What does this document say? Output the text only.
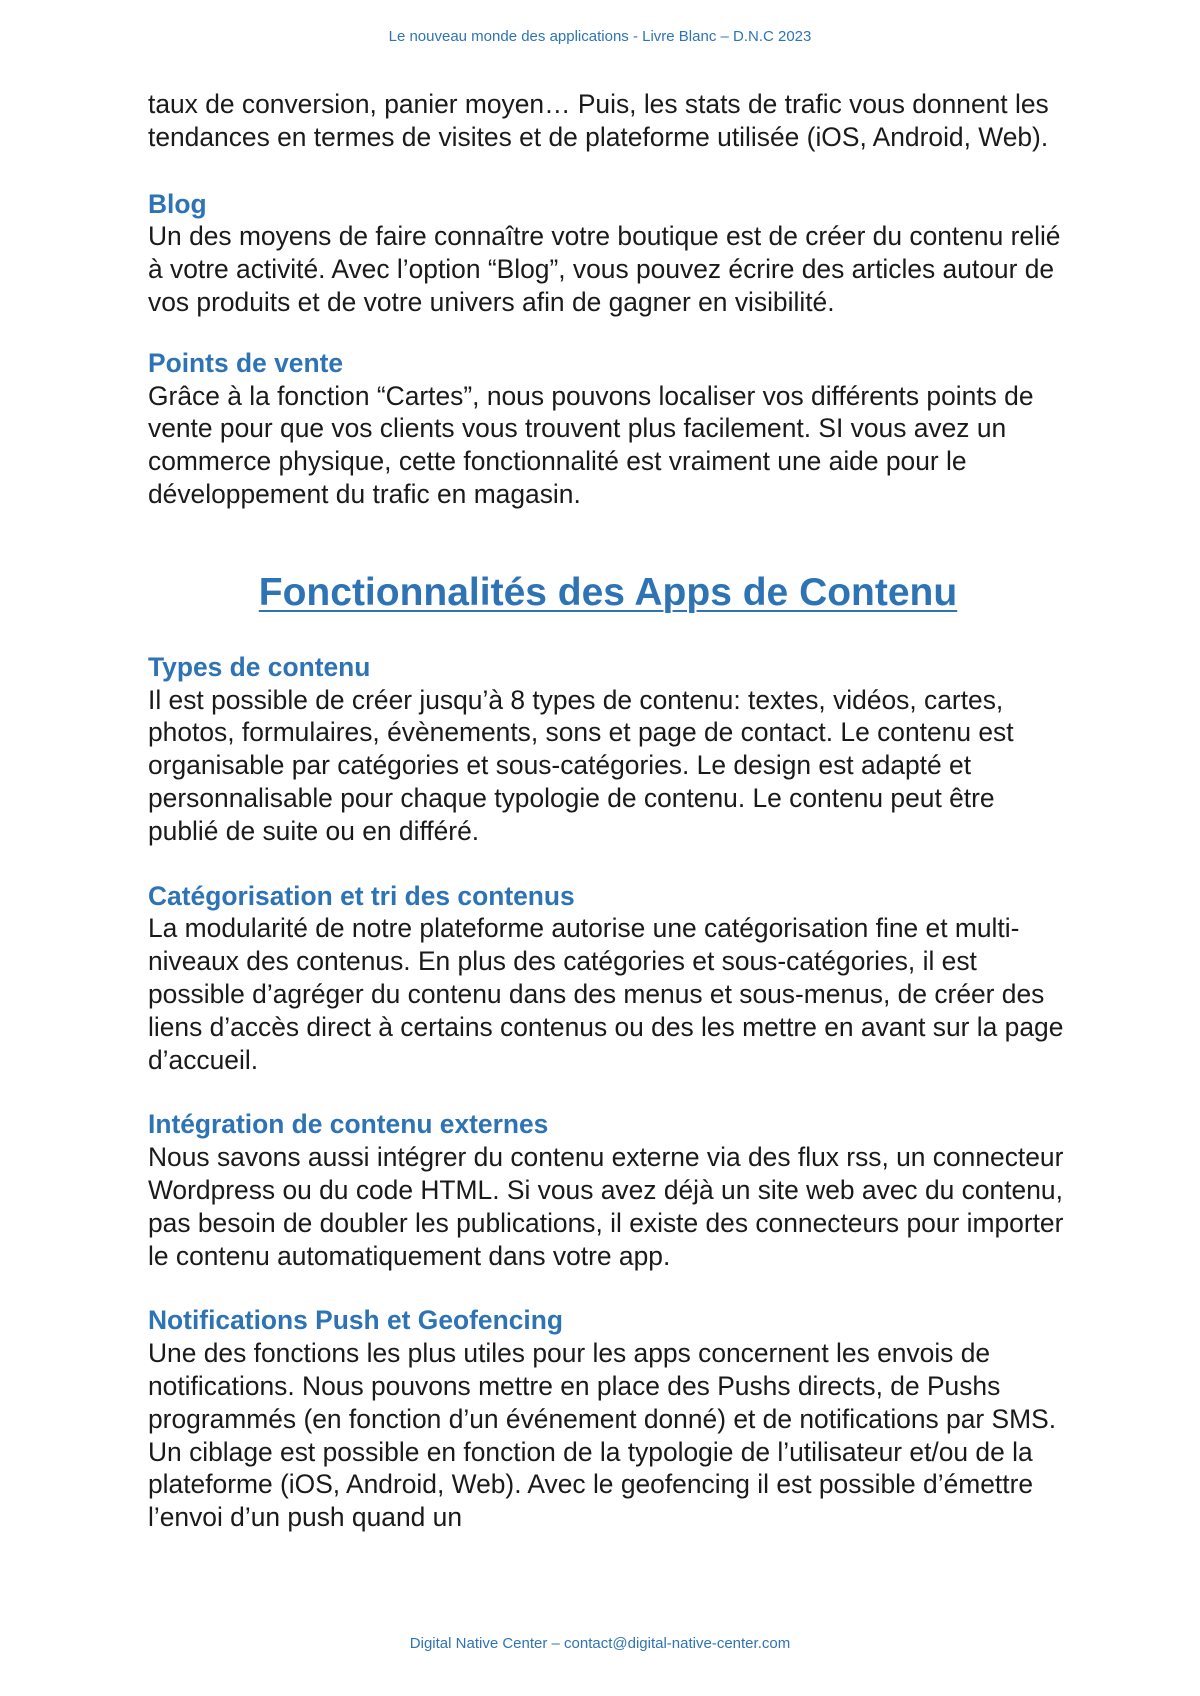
Le nouveau monde des applications - Livre Blanc – D.N.C 2023

taux de conversion, panier moyen… Puis, les stats de trafic vous donnent les tendances en termes de visites et de plateforme utilisée (iOS, Android, Web).

Blog

Un des moyens de faire connaître votre boutique est de créer du contenu relié à votre activité. Avec l’option “Blog”, vous pouvez écrire des articles autour de vos produits et de votre univers afin de gagner en visibilité.

Points de vente

Grâce à la fonction “Cartes”, nous pouvons localiser vos différents points de vente pour que vos clients vous trouvent plus facilement. SI vous avez un commerce physique, cette fonctionnalité est vraiment une aide pour le développement du trafic en magasin.

Fonctionnalités des Apps de Contenu
Types de contenu

Il est possible de créer jusqu’à 8 types de contenu: textes, vidéos, cartes, photos, formulaires, évènements, sons et page de contact. Le contenu est organisable par catégories et sous-catégories. Le design est adapté et personnalisable pour chaque typologie de contenu. Le contenu peut être publié de suite ou en différé.

Catégorisation et tri des contenus

La modularité de notre plateforme autorise une catégorisation fine et multi-niveaux des contenus. En plus des catégories et sous-catégories, il est possible d’agréger du contenu dans des menus et sous-menus, de créer des liens d’accès direct à certains contenus ou des les mettre en avant sur la page d’accueil.

Intégration de contenu externes

Nous savons aussi intégrer du contenu externe via des flux rss, un connecteur Wordpress ou du code HTML. Si vous avez déjà un site web avec du contenu, pas besoin de doubler les publications, il existe des connecteurs pour importer le contenu automatiquement dans votre app.

Notifications Push et Geofencing

Une des fonctions les plus utiles pour les apps concernent les envois de notifications. Nous pouvons mettre en place des Pushs directs, de Pushs programmés (en fonction d’un événement donné) et de notifications par SMS. Un ciblage est possible en fonction de la typologie de l’utilisateur et/ou de la plateforme (iOS, Android, Web). Avec le geofencing il est possible d’émettre l’envoi d’un push quand un

Digital Native Center – contact@digital-native-center.com
